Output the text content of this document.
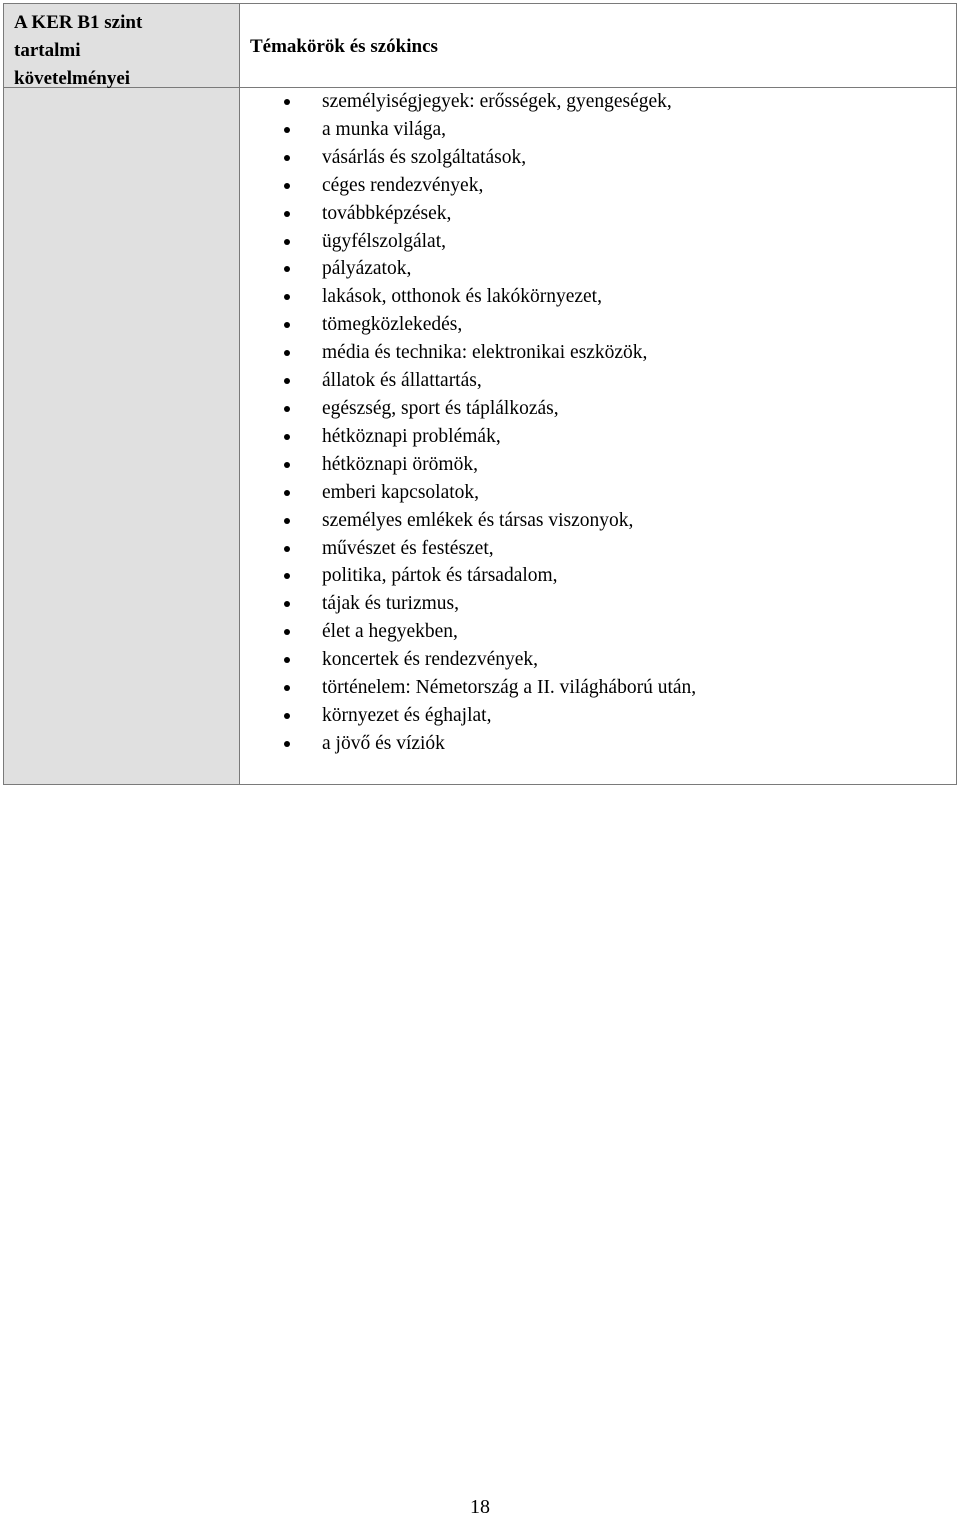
A KER B1 szint
tartalmi
követelményei
Témakörök és szókincs
személyiségjegyek: erősségek, gyengeségek,
a munka világa,
vásárlás és szolgáltatások,
céges rendezvények,
továbbképzések,
ügyfélszolgálat,
pályázatok,
lakások, otthonok és lakókörnyezet,
tömegközlekedés,
média és technika: elektronikai eszközök,
állatok és állattartás,
egészség, sport és táplálkozás,
hétköznapi problémák,
hétköznapi örömök,
emberi kapcsolatok,
személyes emlékek és társas viszonyok,
művészet és festészet,
politika, pártok és társadalom,
tájak és turizmus,
élet a hegyekben,
koncertek és rendezvények,
történelem: Németország a II. világháború után,
környezet és éghajlat,
a jövő és víziók
18
